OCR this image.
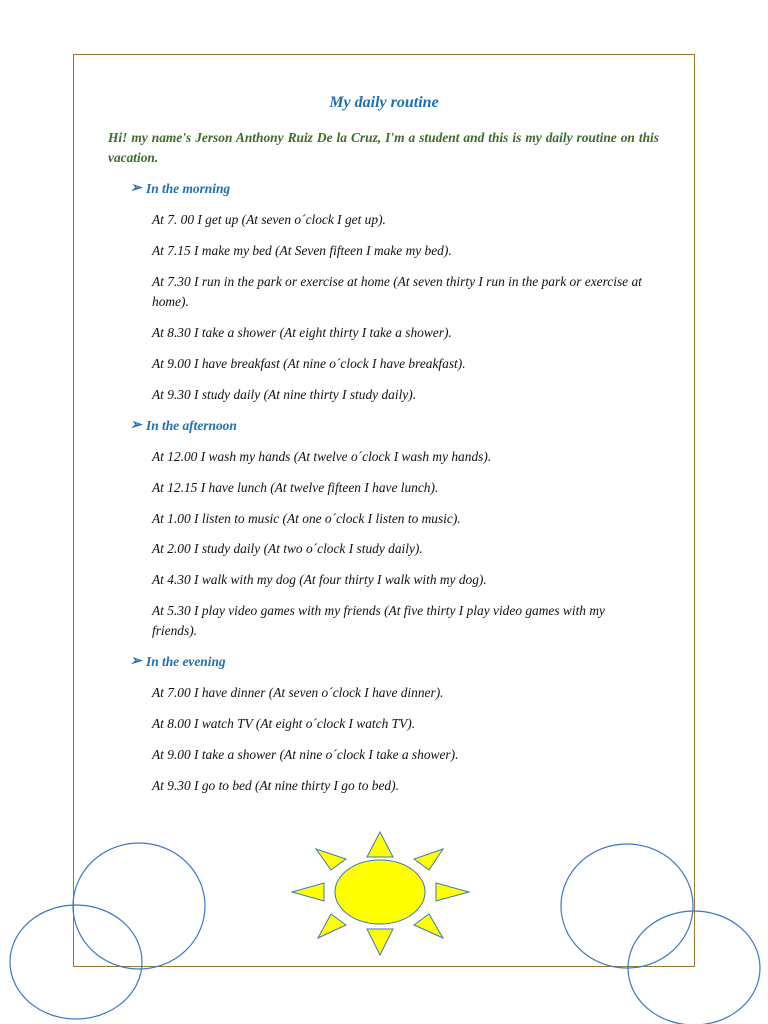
My daily routine
Hi! my name's Jerson Anthony Ruiz De la Cruz, I'm a student and this is my daily routine on this vacation.
➢ In the morning
At 7. 00 I get up (At seven o´clock I get up).
At 7.15 I make my bed (At Seven fifteen I make my bed).
At 7.30 I run in the park or exercise at home (At seven thirty I run in the park or exercise at home).
At 8.30 I take a shower (At eight thirty I take a shower).
At 9.00 I have breakfast (At nine o´clock I have breakfast).
At 9.30 I study daily (At nine thirty I study daily).
➢ In the afternoon
At 12.00 I wash my hands (At twelve o´clock I wash my hands).
At 12.15 I have lunch (At twelve fifteen I have lunch).
At 1.00 I listen to music (At one o´clock I listen to music).
At 2.00 I study daily (At two o´clock I study daily).
At 4.30 I walk with my dog (At four thirty I walk with my dog).
At 5.30 I play video games with my friends (At five thirty I play video games with my friends).
➢ In the evening
At 7.00 I have dinner (At seven o´clock I have dinner).
At 8.00 I watch TV (At eight o´clock I watch TV).
At 9.00 I take a shower (At nine o´clock I take a shower).
At 9.30 I go to bed (At nine thirty I go to bed).
